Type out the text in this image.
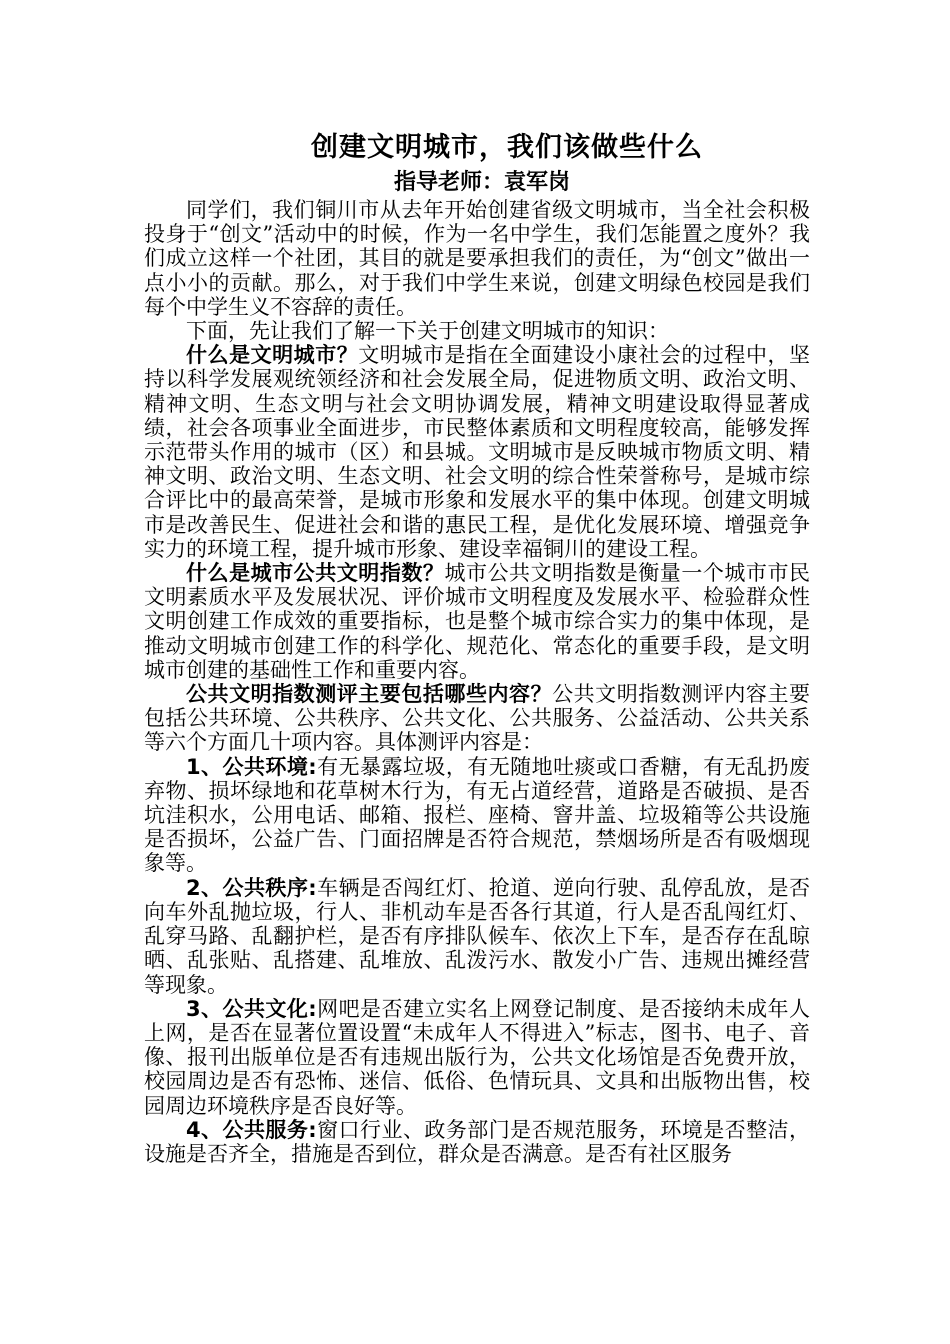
创建文明城市，我们该做些什么
指导老师：袁军岗

同学们，我们铜川市从去年开始创建省级文明城市，当全社会积极投身于“创文”活动中的时候，作为一名中学生，我们怎能置之度外？我们成立这样一个社团，其目的就是要承担我们的责任，为“创文”做出一点小小的贡献。那么，对于我们中学生来说，创建文明绿色校园是我们每个中学生义不容辞的责任。

下面，先让我们了解一下关于创建文明城市的知识：

什么是文明城市？文明城市是指在全面建设小康社会的过程中，坚持以科学发展观统领经济和社会发展全局，促进物质文明、政治文明、精神文明、生态文明与社会文明协调发展，精神文明建设取得显著成绩，社会各项事业全面进步，市民整体素质和文明程度较高，能够发挥示范带头作用的城市（区）和县城。文明城市是反映城市物质文明、精神文明、政治文明、生态文明、社会文明的综合性荣誉称号，是城市综合评比中的最高荣誉，是城市形象和发展水平的集中体现。创建文明城市是改善民生、促进社会和谐的惠民工程，是优化发展环境、增强竞争实力的环境工程，提升城市形象、建设幸福铜川的建设工程。

什么是城市公共文明指数？城市公共文明指数是衡量一个城市市民文明素质水平及发展状况、评价城市文明程度及发展水平、检验群众性文明创建工作成效的重要指标，也是整个城市综合实力的集中体现，是推动文明城市创建工作的科学化、规范化、常态化的重要手段，是文明城市创建的基础性工作和重要内容。

公共文明指数测评主要包括哪些内容？公共文明指数测评内容主要包括公共环境、公共秩序、公共文化、公共服务、公益活动、公共关系等六个方面几十项内容。具体测评内容是：

1、公共环境:有无暴露垃圾，有无随地吐痰或口香糖，有无乱扔废弃物、损坏绿地和花草树木行为，有无占道经营，道路是否破损、是否坑洼积水，公用电话、邮箱、报栏、座椅、窨井盖、垃圾箱等公共设施是否损坏，公益广告、门面招牌是否符合规范，禁烟场所是否有吸烟现象等。

2、公共秩序:车辆是否闯红灯、抢道、逆向行驶、乱停乱放，是否向车外乱抛垃圾，行人、非机动车是否各行其道，行人是否乱闯红灯、乱穿马路、乱翻护栏，是否有序排队候车、依次上下车，是否存在乱晾晒、乱张贴、乱搭建、乱堆放、乱泼污水、散发小广告、违规出摊经营等现象。

3、公共文化:网吧是否建立实名上网登记制度、是否接纳未成年人上网，是否在显著位置设置“未成年人不得进入”标志，图书、电子、音像、报刊出版单位是否有违规出版行为，公共文化场馆是否免费开放，校园周边是否有恐怖、迷信、低俗、色情玩具、文具和出版物出售，校园周边环境秩序是否良好等。

4、公共服务:窗口行业、政务部门是否规范服务，环境是否整洁，设施是否齐全，措施是否到位，群众是否满意。是否有社区服务
